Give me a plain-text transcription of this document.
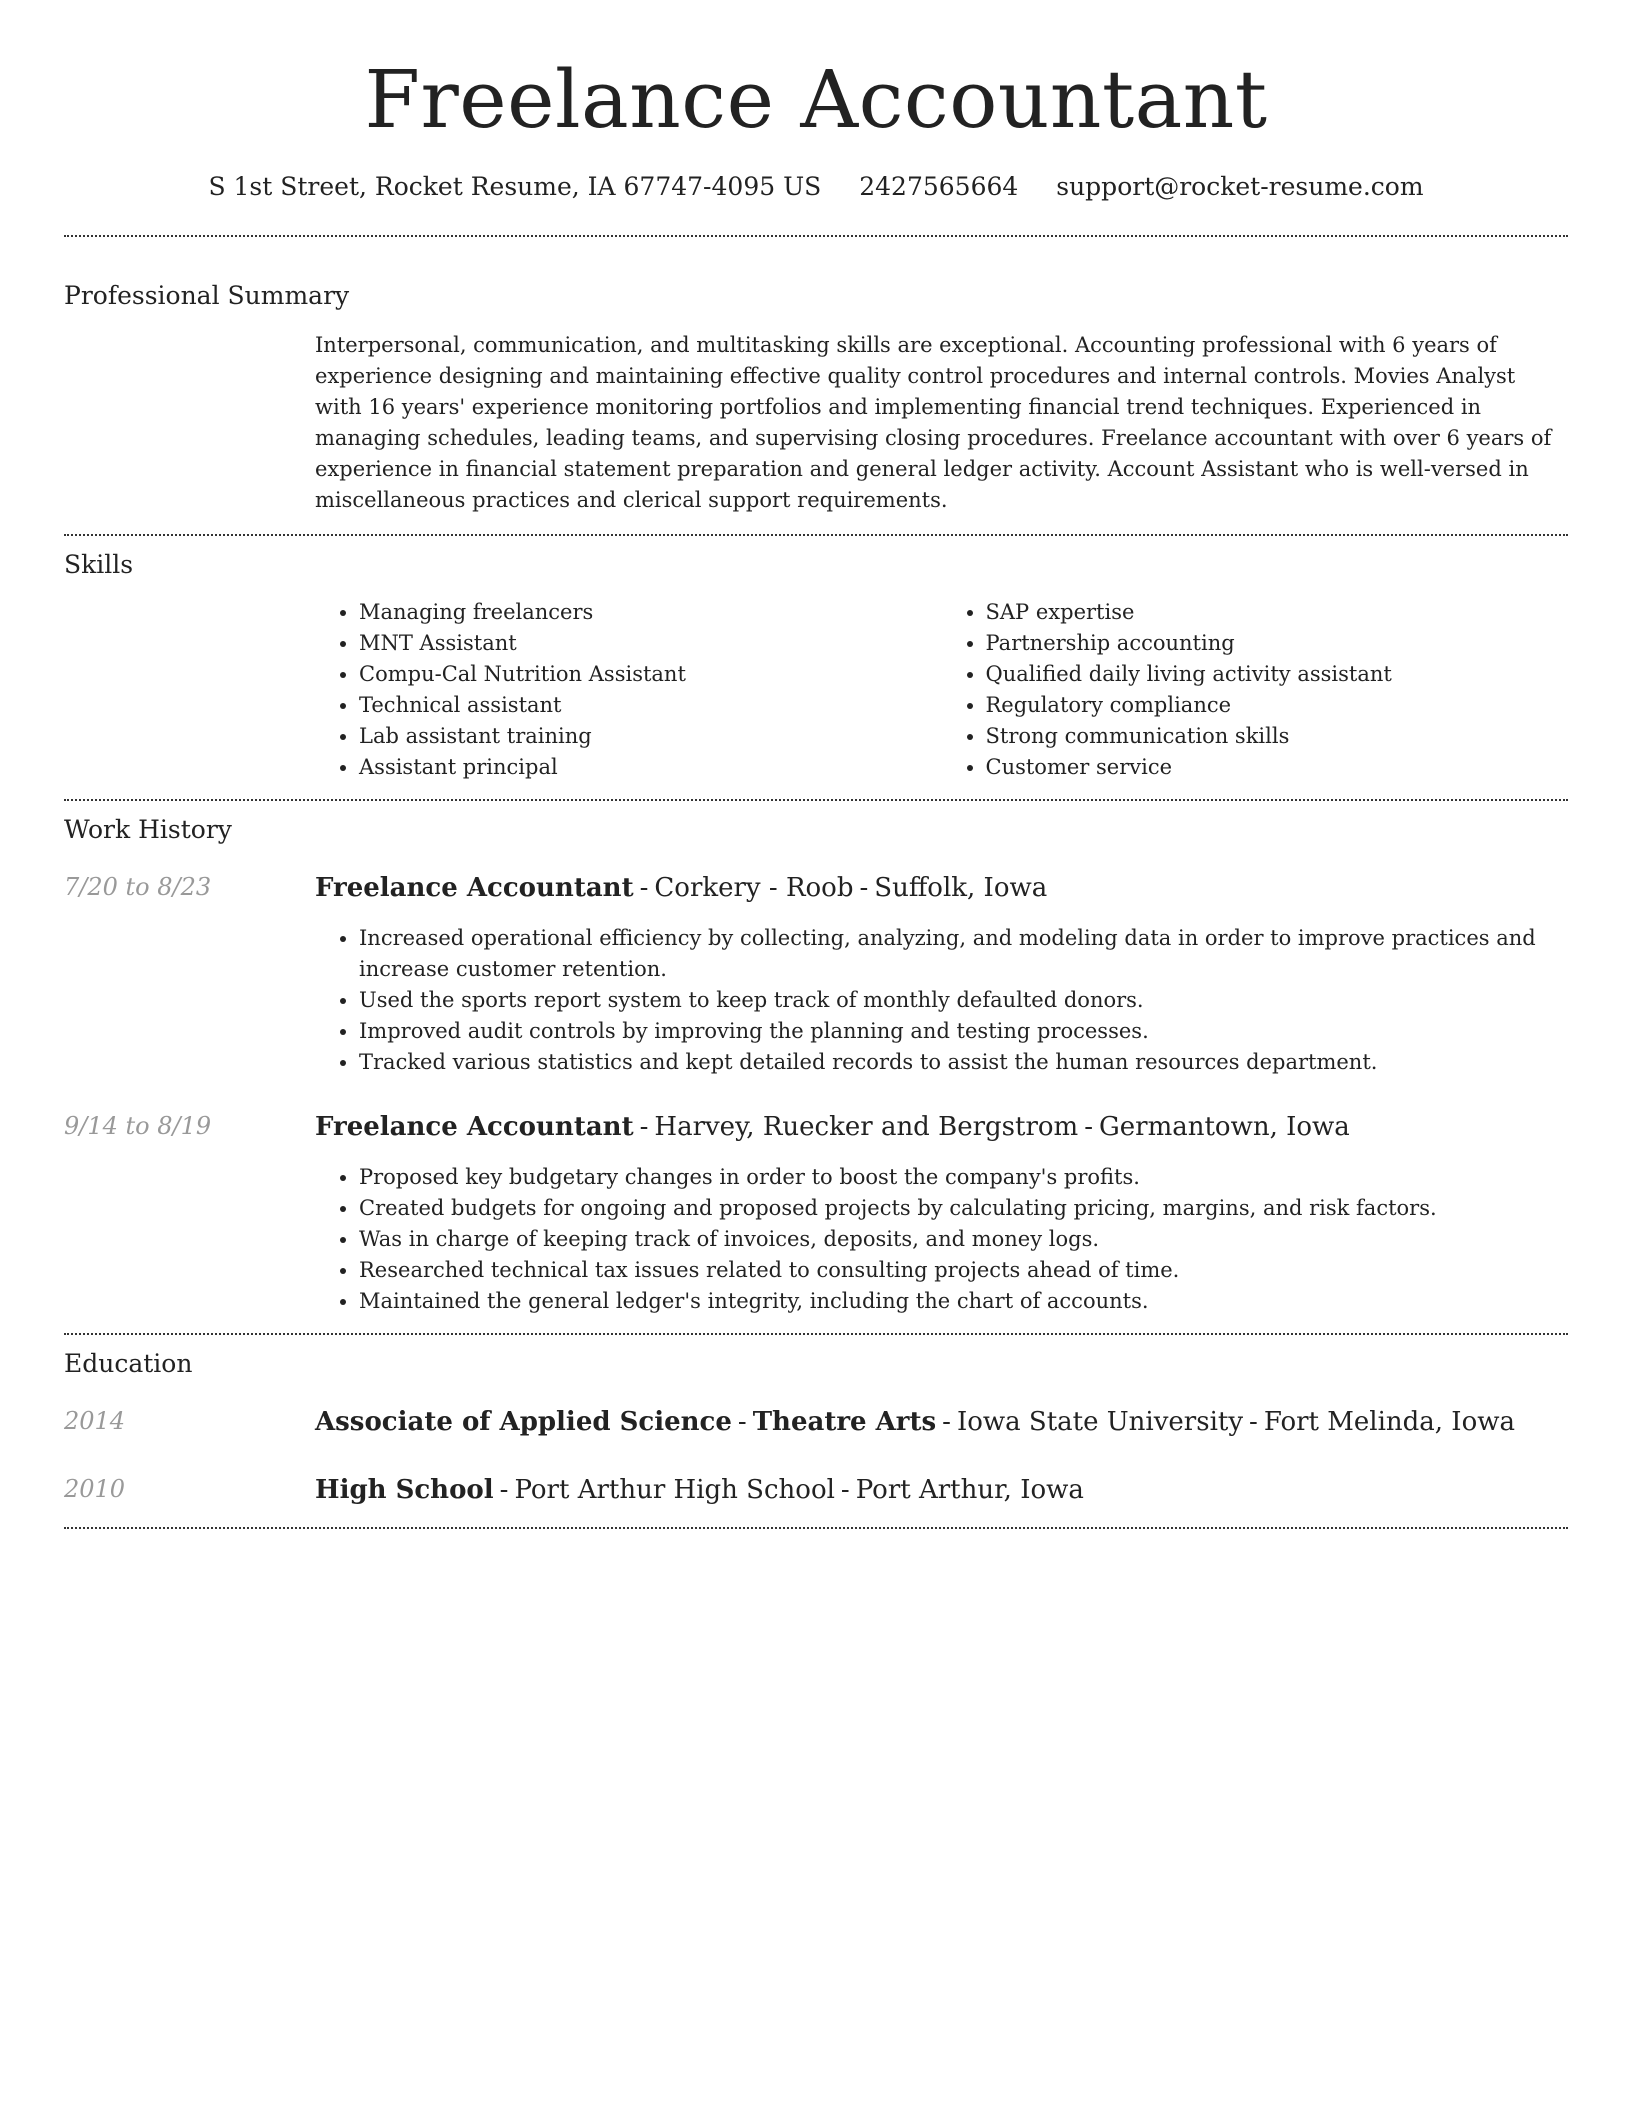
Freelance Accountant
S 1st Street, Rocket Resume, IA 67747-4095 US 2427565664 support@rocket-resume.com
Professional Summary
Interpersonal, communication, and multitasking skills are exceptional. Accounting professional with 6 years of experience designing and maintaining effective quality control procedures and internal controls. Movies Analyst with 16 years' experience monitoring portfolios and implementing financial trend techniques. Experienced in managing schedules, leading teams, and supervising closing procedures. Freelance accountant with over 6 years of experience in financial statement preparation and general ledger activity. Account Assistant who is well-versed in miscellaneous practices and clerical support requirements.
Skills
• Managing freelancers
• MNT Assistant
• Compu-Cal Nutrition Assistant
• Technical assistant
• Lab assistant training
• Assistant principal
• SAP expertise
• Partnership accounting
• Qualified daily living activity assistant
• Regulatory compliance
• Strong communication skills
• Customer service
Work History
7/20 to 8/23	Freelance Accountant - Corkery - Roob - Suffolk, Iowa
• Increased operational efficiency by collecting, analyzing, and modeling data in order to improve practices and increase customer retention.
• Used the sports report system to keep track of monthly defaulted donors.
• Improved audit controls by improving the planning and testing processes.
• Tracked various statistics and kept detailed records to assist the human resources department.
9/14 to 8/19	Freelance Accountant - Harvey, Ruecker and Bergstrom - Germantown, Iowa
• Proposed key budgetary changes in order to boost the company's profits.
• Created budgets for ongoing and proposed projects by calculating pricing, margins, and risk factors.
• Was in charge of keeping track of invoices, deposits, and money logs.
• Researched technical tax issues related to consulting projects ahead of time.
• Maintained the general ledger's integrity, including the chart of accounts.
Education
2014	Associate of Applied Science - Theatre Arts - Iowa State University - Fort Melinda, Iowa
2010	High School - Port Arthur High School - Port Arthur, Iowa
